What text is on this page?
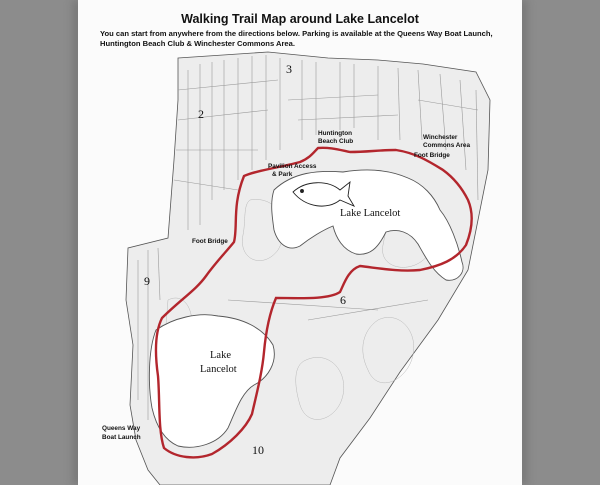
Walking Trail Map around Lake Lancelot
You can start from anywhere from the directions below. Parking is available at the Queens Way Boat Launch, Huntington Beach Club & Winchester Commons Area.
Huntington
Beach Club
Winchester
Commons Area
Foot Bridge
Pavilion Access
& Park
Foot Bridge
Queens Way
Boat Launch
Lake Lancelot
Lake
Lancelot
3
2
9
6
10
